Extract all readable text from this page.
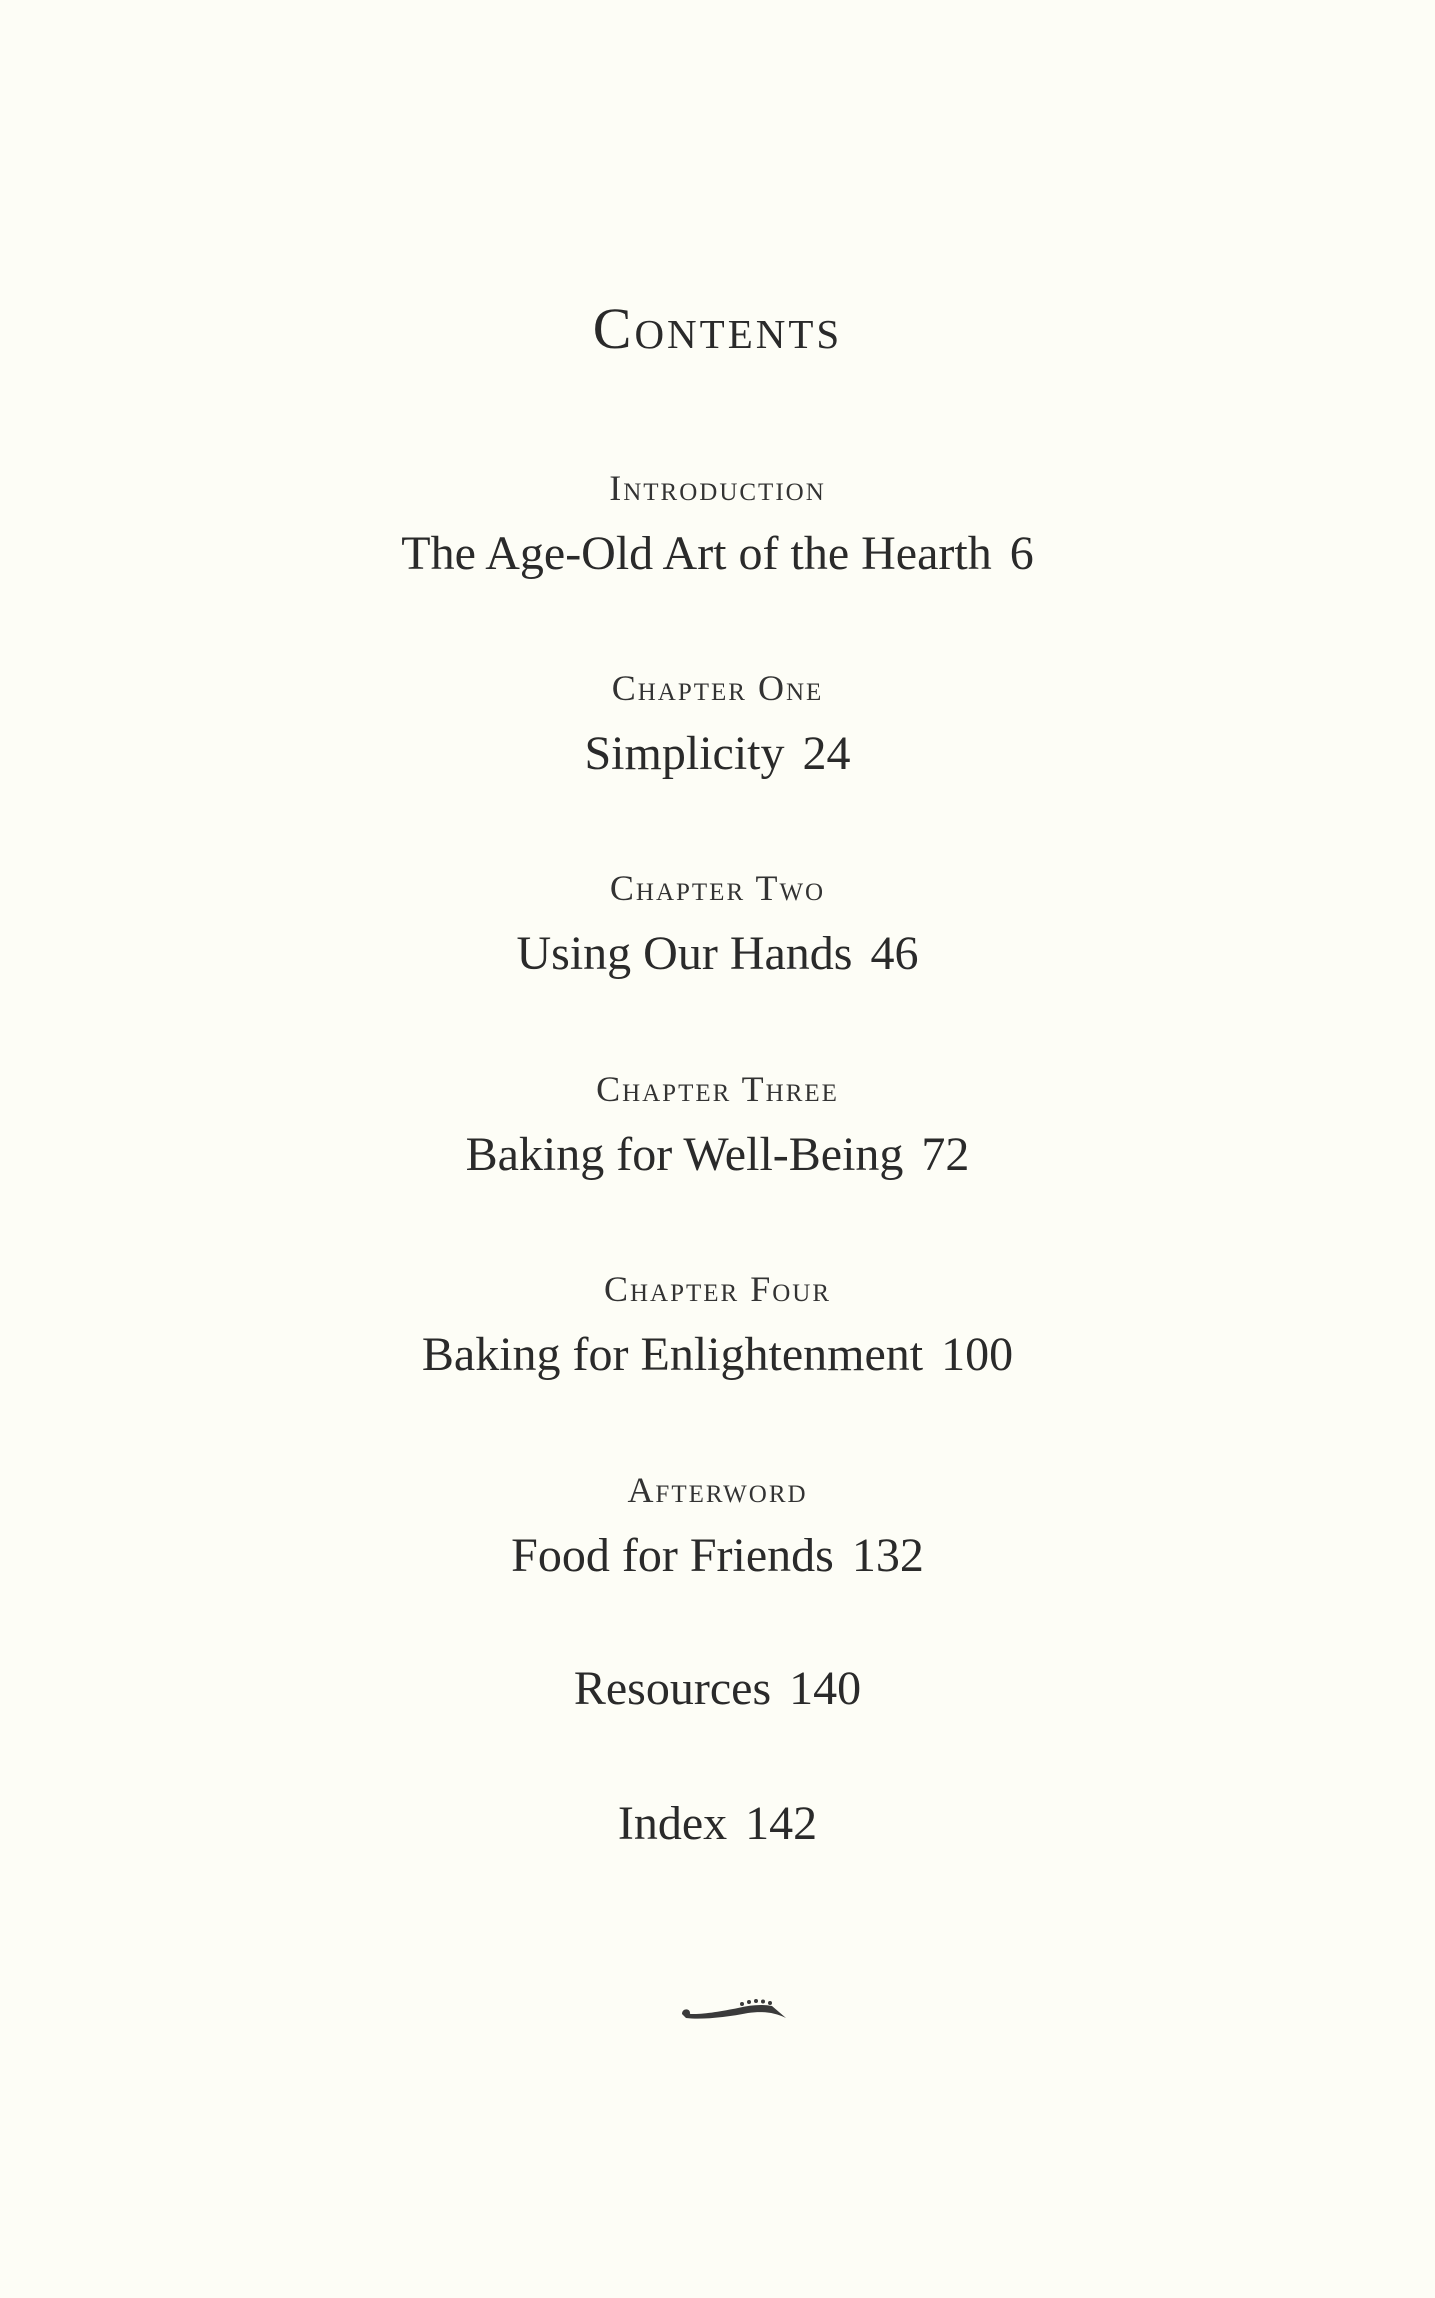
Contents
Introduction
The Age-Old Art of the Hearth 6
Chapter One
Simplicity 24
Chapter Two
Using Our Hands 46
Chapter Three
Baking for Well-Being 72
Chapter Four
Baking for Enlightenment 100
Afterword
Food for Friends 132
Resources 140
Index 142
